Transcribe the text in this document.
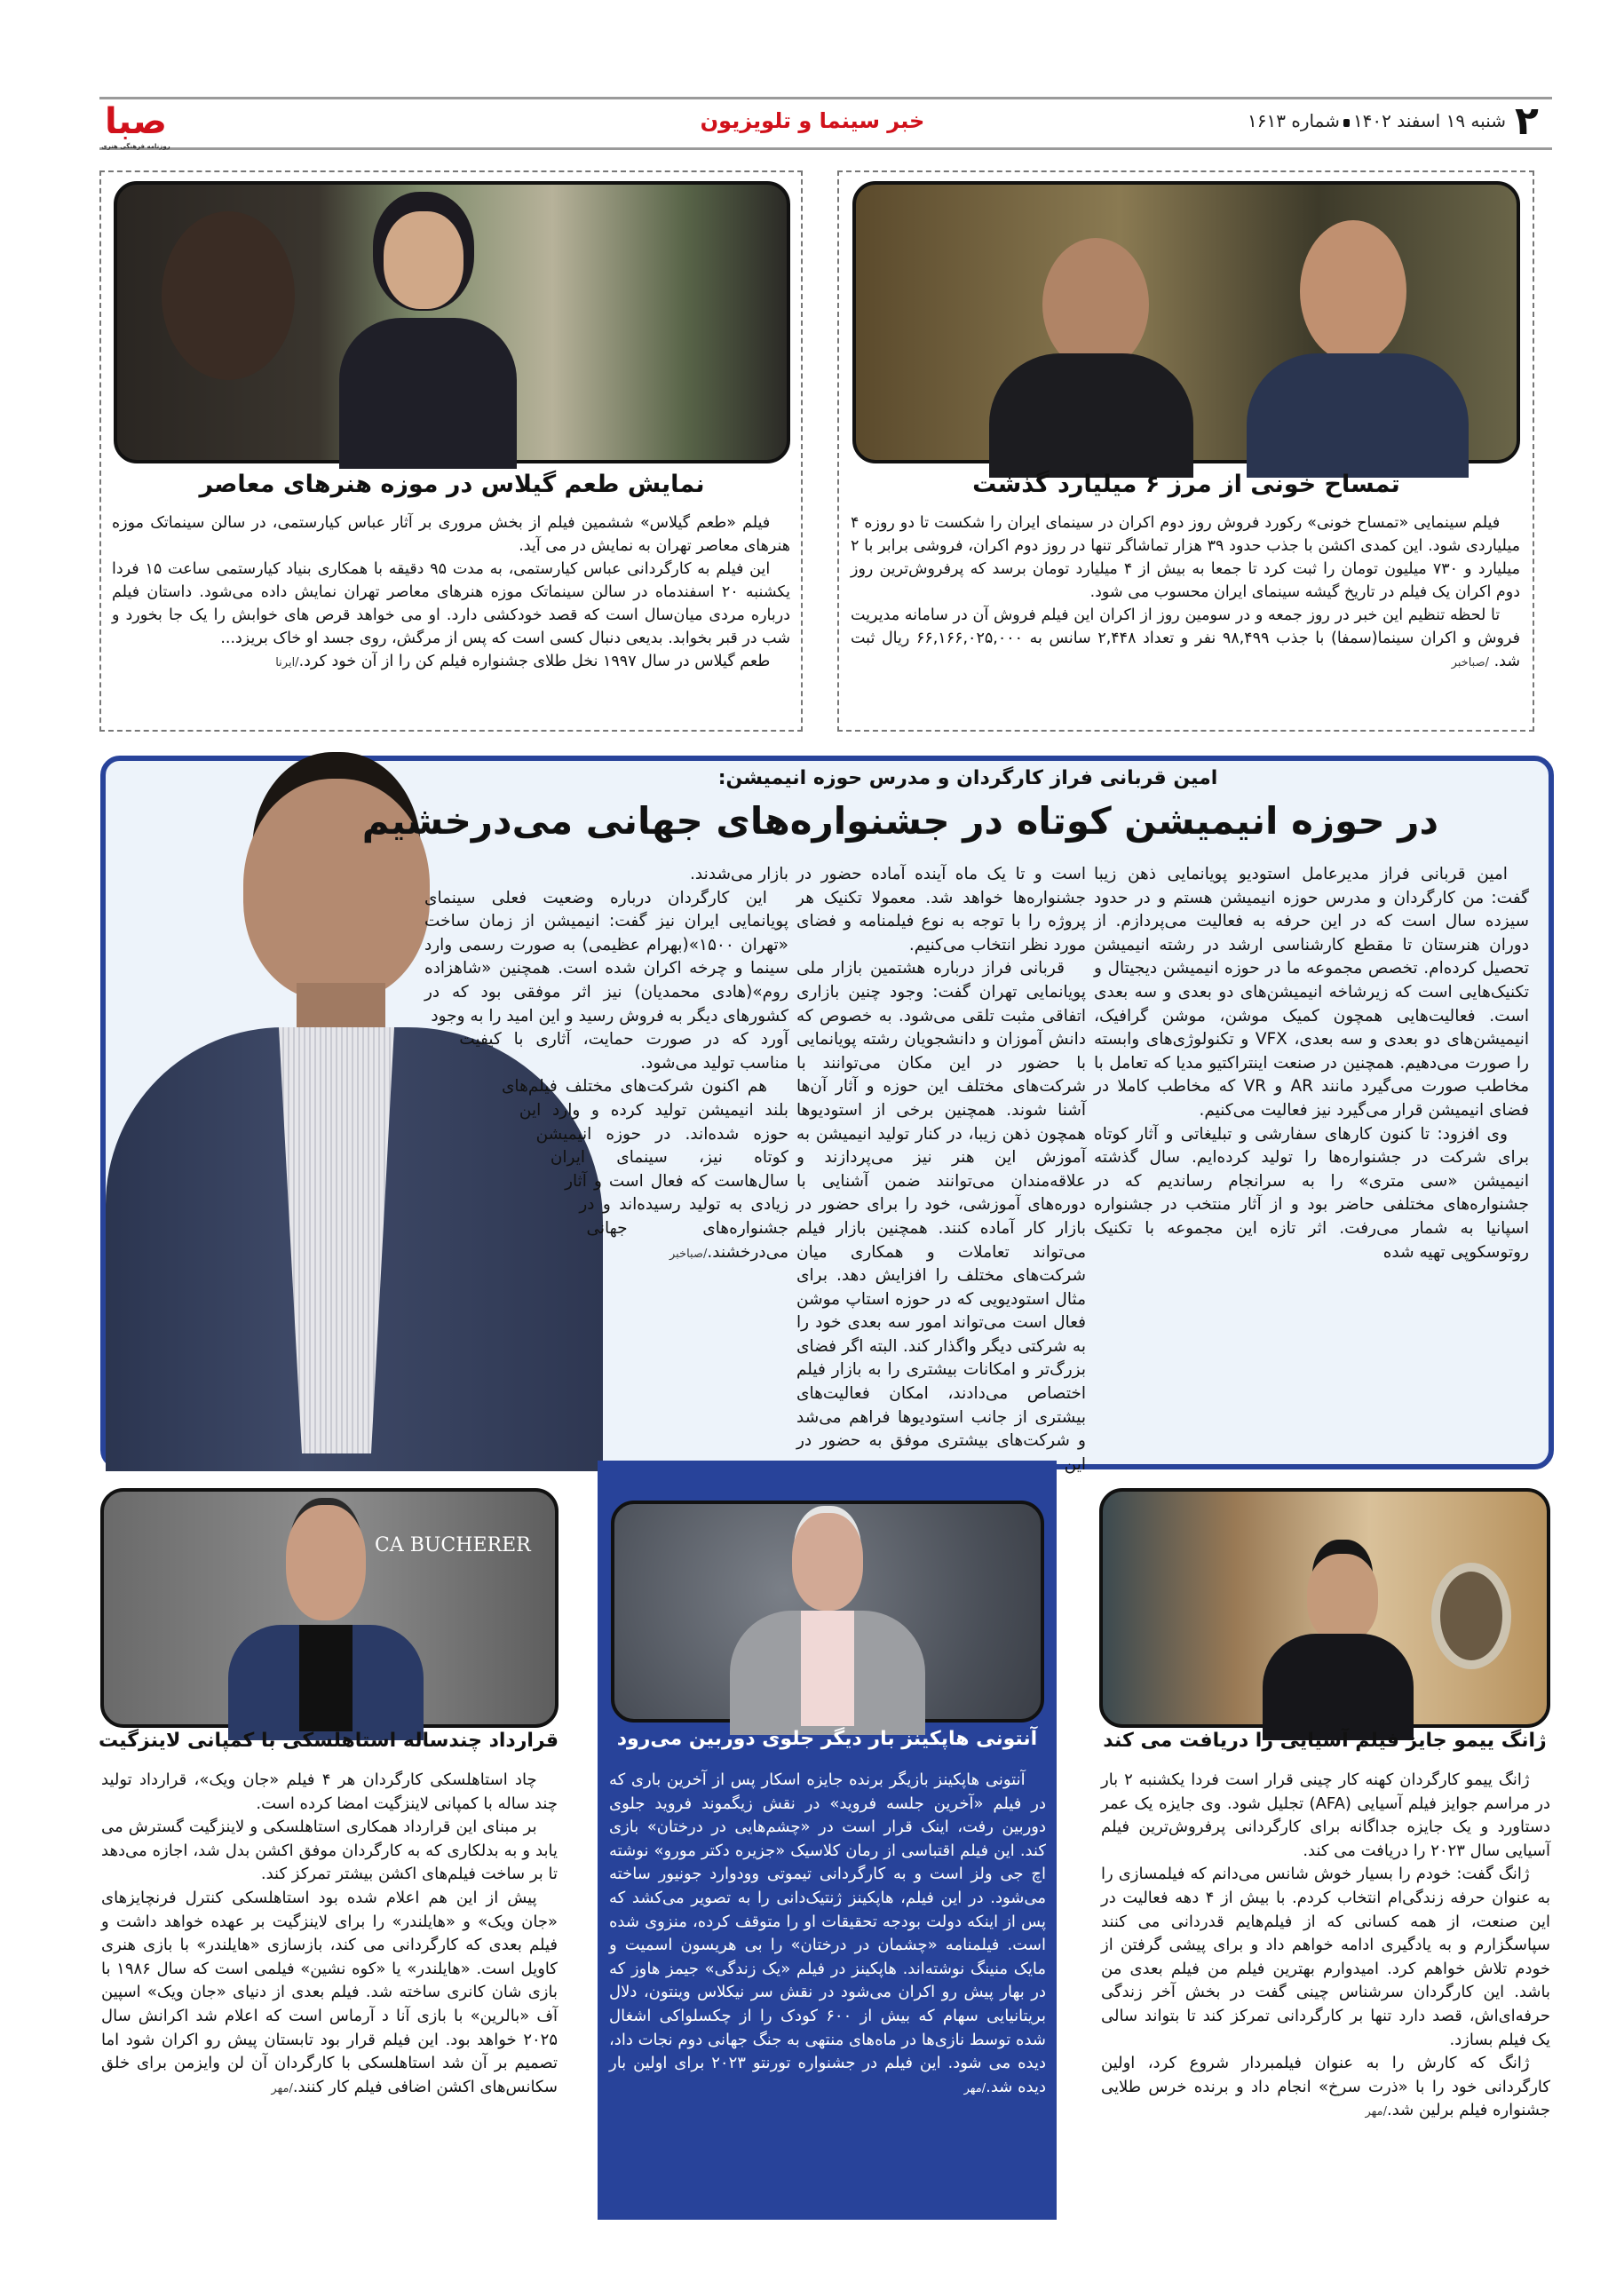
صبا
روزنامه فرهنگی هنری
خبر سینما و تلویزیون	۲
شنبه ۱۹ اسفند ۱۴۰۲شماره ۱۶۱۳
تمساح خونی از مرز ۶ میلیارد گذشت

فیلم سینمایی «تمساح خونی» رکورد فروش روز دوم اکران در سینمای ایران را شکست تا دو روزه ۴ میلیاردی شود. این کمدی اکشن با جذب حدود ۳۹ هزار تماشاگر تنها در روز دوم اکران، فروشی برابر با ۲ میلیارد و ۷۳۰ میلیون تومان را ثبت کرد تا جمعا به بیش از ۴ میلیارد تومان برسد که پرفروش‌ترین روز دوم اکران یک فیلم در تاریخ گیشه سینمای ایران محسوب می شود.

تا لحظه تنظیم این خبر در روز جمعه و در سومین روز از اکران این فیلم فروش آن در سامانه مدیریت فروش و اکران سینما(سمفا) با جذب ۹۸,۴۹۹ نفر و تعداد ۲,۴۴۸ سانس به ۶۶,۱۶۶,۰۲۵,۰۰۰ ریال ثبت شد. /صباخبر

نمایش طعم گیلاس در موزه هنرهای معاصر

فیلم «طعم گیلاس» ششمین فیلم از بخش مروری بر آثار عباس کیارستمی، در سالن سینماتک موزه هنرهای معاصر تهران به نمایش در می آید.

این فیلم به کارگردانی عباس کیارستمی، به مدت ۹۵ دقیقه با همکاری بنیاد کیارستمی ساعت ۱۵ فردا یکشنبه ۲۰ اسفندماه در سالن سینماتک موزه هنرهای معاصر تهران نمایش داده می‌شود. داستان فیلم درباره مردی میان‌سال است که قصد خودکشی دارد. او می خواهد قرص های خوابش را یک جا بخورد و شب در قبر بخوابد. بدیعی دنبال کسی است که پس از مرگش، روی جسد او خاک بریزد...

طعم گیلاس در سال ۱۹۹۷ نخل طلای جشنواره فیلم کن را از آن خود کرد./ایرنا

امین قربانی فراز کارگردان و مدرس حوزه انیمیشن:
در حوزه انیمیشن کوتاه در جشنواره‌های جهانی می‌درخشیم

امین قربانی فراز مدیرعامل استودیو پویانمایی ذهن زیبا گفت: من کارگردان و مدرس حوزه انیمیشن هستم و در حدود سیزده سال است که در این حرفه به فعالیت می‌پردازم. از دوران هنرستان تا مقطع کارشناسی ارشد در رشته انیمیشن تحصیل کرده‌ام. تخصص مجموعه ما در حوزه انیمیشن دیجیتال و تکنیک‌هایی است که زیرشاخه انیمیشن‌های دو بعدی و سه بعدی است. فعالیت‌هایی همچون کمیک موشن، موشن گرافیک، انیمیشن‌های دو بعدی و سه بعدی، VFX و تکنولوژی‌های وابسته را صورت می‌دهیم. همچنین در صنعت اینتراکتیو مدیا که تعامل با مخاطب صورت می‌گیرد مانند AR و VR که مخاطب کاملا در فضای انیمیشن قرار می‌گیرد نیز فعالیت می‌کنیم.

وی افزود: تا کنون کارهای سفارشی و تبلیغاتی و آثار کوتاه برای شرکت در جشنواره‌ها را تولید کرده‌ایم. سال گذشته انیمیشن «سی متری» را به سرانجام رساندیم که در جشنواره‌های مختلفی حاضر بود و از آثار منتخب در جشنواره اسپانیا به شمار می‌رفت. اثر تازه این مجموعه با تکنیک روتوسکوپی تهیه شده

است و تا یک ماه آینده آماده حضور در جشنواره‌ها خواهد شد. معمولا تکنیک هر پروژه را با توجه به نوع فیلمنامه و فضای مورد نظر انتخاب می‌کنیم.

قربانی فراز درباره هشتمین بازار ملی پویانمایی تهران گفت: وجود چنین بازاری اتفاقی مثبت تلقی می‌شود. به خصوص که دانش آموزان و دانشجویان رشته پویانمایی با حضور در این مکان می‌توانند با شرکت‌های مختلف این حوزه و آثار آن‌ها آشنا شوند. همچنین برخی از استودیوها همچون ذهن زیبا، در کنار تولید انیمیشن به آموزش این هنر نیز می‌پردازند و علاقه‌مندان می‌توانند ضمن آشنایی با دوره‌های آموزشی، خود را برای حضور در بازار کار آماده کنند. همچنین بازار فیلم می‌تواند تعاملات و همکاری میان شرکت‌های مختلف را افزایش دهد. برای مثال استودیویی که در حوزه استاپ موشن فعال است می‌تواند امور سه بعدی خود را به شرکتی دیگر واگذار کند. البته اگر فضای بزرگ‌تر و امکانات بیشتری را به بازار فیلم اختصاص می‌دادند، امکان فعالیت‌های بیشتری از جانب استودیوها فراهم می‌شد و شرکت‌های بیشتری موفق به حضور در این

بازار می‌شدند.

این کارگردان درباره وضعیت فعلی سینمای پویانمایی ایران نیز گفت: انیمیشن از زمان ساخت «تهران ۱۵۰۰»(بهرام عظیمی) به صورت رسمی وارد سینما و چرخه اکران شده است. همچنین «شاهزاده روم»(هادی محمدیان) نیز اثر موفقی بود که در کشورهای دیگر به فروش رسید و این امید را به وجود آورد که در صورت حمایت، آثاری با کیفیت مناسب تولید می‌شود.

هم اکنون شرکت‌های مختلف فیلم‌های بلند انیمیشن تولید کرده و وارد این حوزه شده‌اند. در حوزه انیمیشن کوتاه نیز، سینمای ایران سال‌هاست که فعال است و آثار زیادی به تولید رسیده‌اند و در جشنواره‌های جهانی می‌درخشند./صباخبر

ژانگ ییمو جایز فیلم آسیایی را دریافت می کند

ژانگ ییمو کارگردان کهنه کار چینی قرار است فردا یکشنبه ۲ بار در مراسم جوایز فیلم آسیایی (AFA) تجلیل شود. وی جایزه یک عمر دستاورد و یک جایزه جداگانه برای کارگردانی پرفروش‌ترین فیلم آسیایی سال ۲۰۲۳ را دریافت می کند.

ژانگ گفت: خودم را بسیار خوش شانس می‌دانم که فیلمسازی را به عنوان حرفه زندگی‌ام انتخاب کردم. با بیش از ۴ دهه فعالیت در این صنعت، از همه کسانی که از فیلم‌هایم قدردانی می کنند سپاسگزارم و به یادگیری ادامه خواهم داد و برای پیشی گرفتن از خودم تلاش خواهم کرد. امیدوارم بهترین فیلم من فیلم بعدی من باشد. این کارگردان سرشناس چینی گفت در بخش آخر زندگی حرفه‌ای‌اش، قصد دارد تنها بر کارگردانی تمرکز کند تا بتواند سالی یک فیلم بسازد.

ژانگ که کارش را به عنوان فیلمبردار شروع کرد، اولین کارگردانی خود را با «ذرت سرخ» انجام داد و برنده خرس طلایی جشنواره فیلم برلین شد./مهر

آنتونی هاپکینز بار دیگر جلوی دوربین می‌رود

آنتونی هاپکینز بازیگر برنده جایزه اسکار پس از آخرین باری که در فیلم «آخرین جلسه فروید» در نقش زیگموند فروید جلوی دوربین رفت، اینک قرار است در «چشم‌هایی در درختان» بازی کند. این فیلم اقتباسی از رمان کلاسیک «جزیره دکتر مورو» نوشته اچ جی ولز است و به کارگردانی تیموتی وودوارد جونیور ساخته می‌شود. در این فیلم، هاپکینز ژنتیک‌دانی را به تصویر می‌کشد که پس از اینکه دولت بودجه تحقیقات او را متوقف کرده، منزوی شده است. فیلمنامه «چشمان در درختان» را بی هریسون اسمیت و مایک منینگ نوشته‌اند. هاپکینز در فیلم «یک زندگی» جیمز هاوز که در بهار پیش رو اکران می‌شود در نقش سر نیکلاس وینتون، دلال بریتانیایی سهام که بیش از ۶۰۰ کودک را از چکسلواکی اشغال شده توسط نازی‌ها در ماه‌های منتهی به جنگ جهانی دوم نجات داد، دیده می شود. این فیلم در جشنواره تورنتو ۲۰۲۳ برای اولین بار دیده شد./مهر

CA BUCHERER
قرارداد چندساله استاهلسکی با کمپانی لاینزگیت

چاد استاهلسکی کارگردان هر ۴ فیلم «جان ویک»، قرارداد تولید چند ساله با کمپانی لاینزگیت امضا کرده است.

بر مبنای این قرارداد همکاری استاهلسکی و لاینزگیت گسترش می یابد و به بدلکاری که به کارگردان موفق اکشن بدل شد، اجازه می‌دهد تا بر ساخت فیلم‌های اکشن بیشتر تمرکز کند.

پیش از این هم اعلام شده بود استاهلسکی کنترل فرنچایزهای «جان ویک» و «هایلندر» را برای لاینزگیت بر عهده خواهد داشت و فیلم بعدی که کارگردانی می کند، بازسازی «هایلندر» با بازی هنری کاویل است. «هایلندر» یا «کوه نشین» فیلمی است که سال ۱۹۸۶ با بازی شان کانری ساخته شد. فیلم بعدی از دنیای «جان ویک» اسپین آف «بالرین» با بازی آنا د آرماس است که اعلام شد اکرانش سال ۲۰۲۵ خواهد بود. این فیلم قرار بود تابستان پیش رو اکران شود اما تصمیم بر آن شد استاهلسکی با کارگردان آن لن وایزمن برای خلق سکانس‌های اکشن اضافی فیلم کار کنند./مهر
